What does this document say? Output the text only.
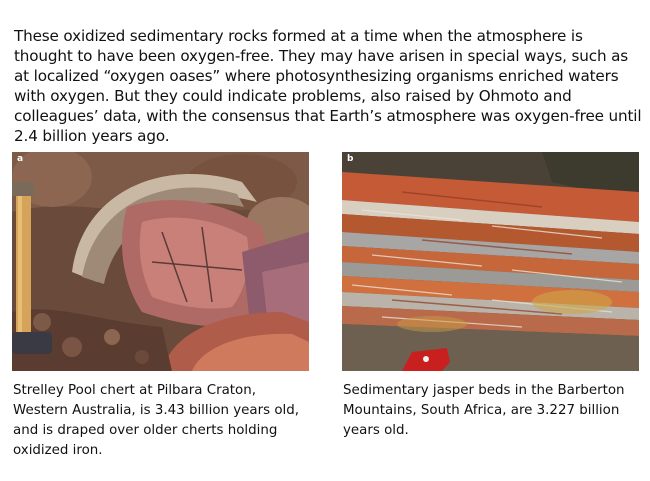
These oxidized sedimentary rocks formed at a time when the atmosphere is thought to have been oxygen-free. They may have arisen in special ways, such as at localized “oxygen oases” where photosynthesizing organisms enriched waters with oxygen. But they could indicate problems, also raised by Ohmoto and colleagues’ data, with the consensus that Earth’s atmosphere was oxygen-free until 2.4 billion years ago.

a	b

Strelley Pool chert at Pilbara Craton, Western Australia, is 3.43 billion years old, and is draped over older cherts holding oxidized iron.

Sedimentary jasper beds in the Barberton Mountains, South Africa, are 3.227 billion years old.
